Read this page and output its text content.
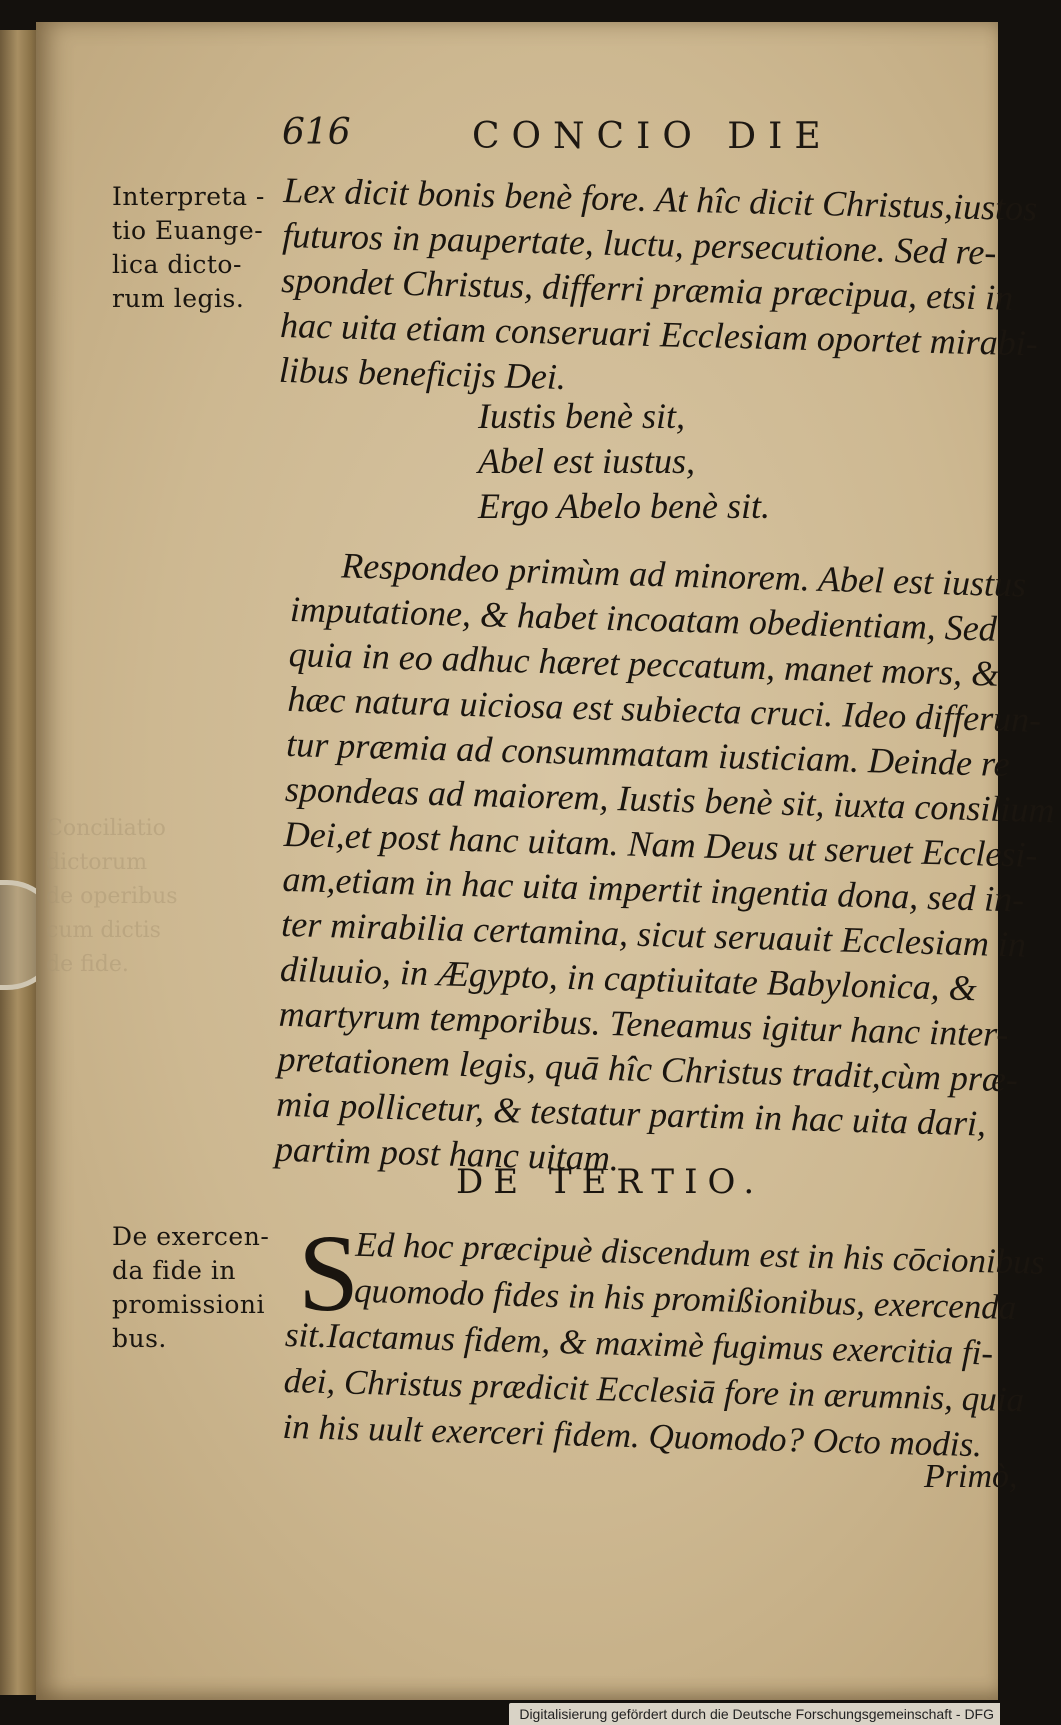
Conciliatio
dictorum
de operibus
cum dictis
de fide.
616	CONCIO DIE
Interpreta -
tio Euange-
lica dicto-
rum legis.
Lex dicit bonis benè fore. At hîc dicit Christus,iustos
futuros in paupertate, luctu, persecutione. Sed re-
spondet Christus, differri præmia præcipua, etsi in
hac uita etiam conseruari Ecclesiam oportet mirabi-
libus beneficijs Dei.
Iustis benè sit,
Abel est iustus,
Ergo Abelo benè sit.
Respondeo primùm ad minorem. Abel est iustus
imputatione, & habet incoatam obedientiam, Sed
quia in eo adhuc hæret peccatum, manet mors, &
hæc natura uiciosa est subiecta cruci. Ideo differun-
tur præmia ad consummatam iusticiam. Deinde re
spondeas ad maiorem, Iustis benè sit, iuxta consilium
Dei,et post hanc uitam. Nam Deus ut seruet Ecclesi-
am,etiam in hac uita impertit ingentia dona, sed in-
ter mirabilia certamina, sicut seruauit Ecclesiam in
diluuio, in Ægypto, in captiuitate Babylonica, &
martyrum temporibus. Teneamus igitur hanc inter-
pretationem legis, quā hîc Christus tradit,cùm præ-
mia pollicetur, & testatur partim in hac uita dari,
partim post hanc uitam.
DE TERTIO.
De exercen-
da fide in
promissioni
bus.
S
Ed hoc præcipuè discendum est in his cōcionibus
quomodo fides in his promißionibus, exercenda
sit.Iactamus fidem, & maximè fugimus exercitia fi-
dei, Christus prædicit Ecclesiā fore in ærumnis, quia
in his uult exerceri fidem. Quomodo? Octo modis.
Primò,
Digitalisierung gefördert durch die Deutsche Forschungsgemeinschaft - DFG
